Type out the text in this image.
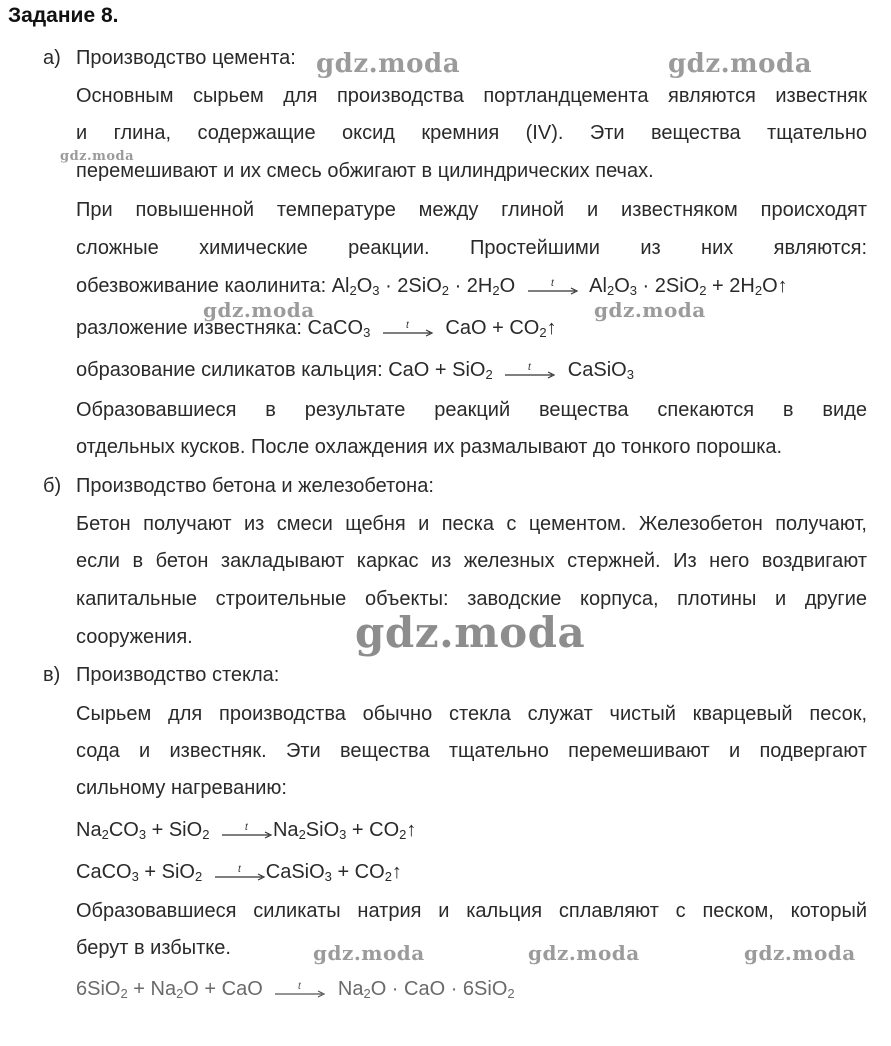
Задание 8.
а) Производство цемента:
Основным сырьем для производства портландцемента являются известняк
и глина, содержащие оксид кремния (IV). Эти вещества тщательно
перемешивают и их смесь обжигают в цилиндрических печах.
При повышенной температуре между глиной и известняком происходят
сложные химические реакции. Простейшими из них являются:
обезвоживание каолинита: $Al_2O_3 \cdot 2SiO_2 \cdot 2H_2O$	t $Al_2O_3 \cdot 2SiO_2$ + $2H_2O↑$
разложение известняка: CaCO$_3$	t CaO + $CO_2↑$
образование силикатов кальция: CaO + SiO$_2$	t CaSiO$_3$
Образовавшиеся в результате реакций вещества спекаются в виде
отдельных кусков. После охлаждения их размалывают до тонкого порошка.
б) Производство бетона и железобетона:
Бетон получают из смеси щебня и песка с цементом. Железобетон получают,
если в бетон закладывают каркас из железных стержней. Из него воздвигают
капитальные строительные объекты: заводские корпуса, плотины и другие
сооружения.
в) Производство стекла:
Сырьем для производства обычно стекла служат чистый кварцевый песок,
сода и известняк. Эти вещества тщательно перемешивают и подвергают
сильному нагреванию:
$Na_2CO_3 + SiO_2$	t $Na_2SiO_3$ + $CO_2↑$
CaCO$_3$ + SiO$_2$	t CaSiO$_3$ + $CO_2↑$
Образовавшиеся силикаты натрия и кальция сплавляют с песком, который
берут в избытке.
$6SiO_2 + Na_2O$ + CaO	t $Na_2O$ · CaO · 6SiO$_2$
gdz.moda	gdz.moda
gdz.moda
gdz.moda	gdz.moda
gdz.moda
gdz.moda	gdz.moda	gdz.moda
